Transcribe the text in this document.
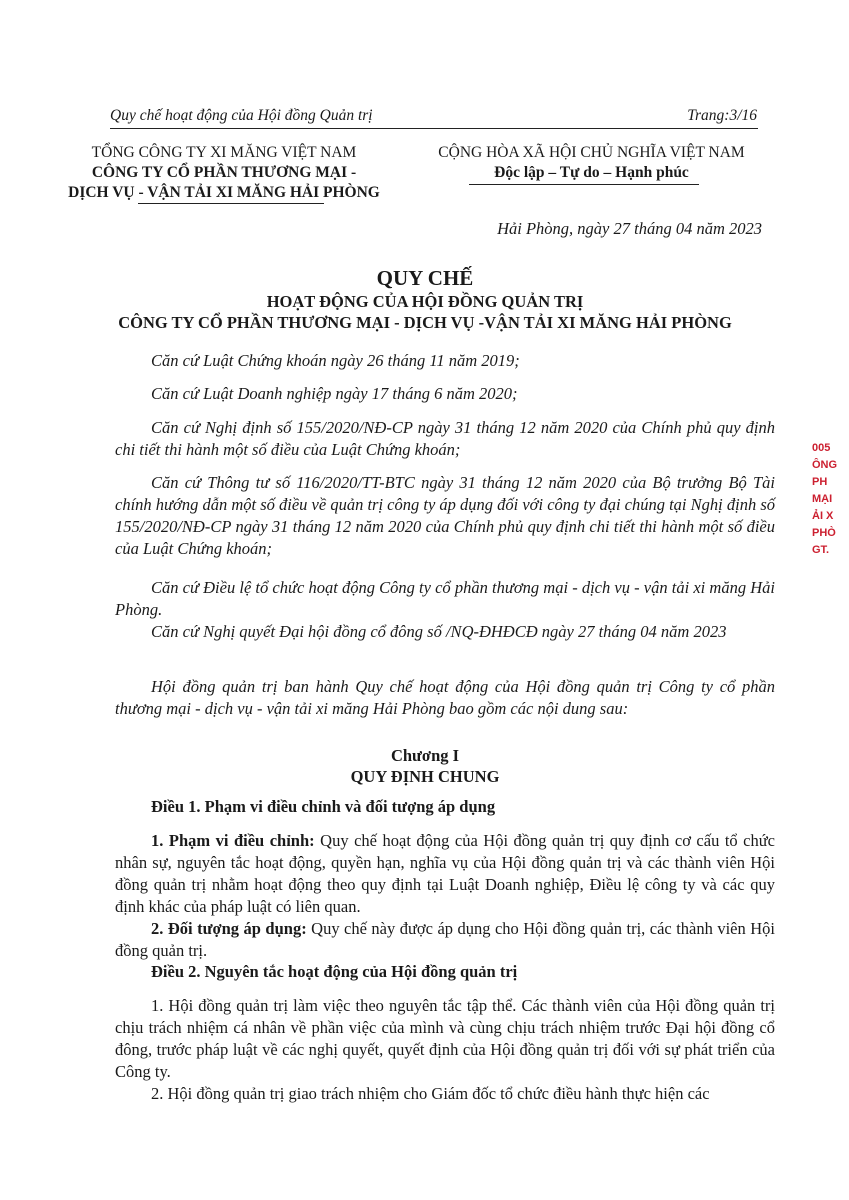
Quy chế hoạt động của Hội đồng Quản trị	Trang:3/16
TỔNG CÔNG TY XI MĂNG VIỆT NAM
CÔNG TY CỔ PHẦN THƯƠNG MẠI -
DỊCH VỤ - VẬN TẢI XI MĂNG HẢI PHÒNG
CỘNG HÒA XÃ HỘI CHỦ NGHĨA VIỆT NAM
Độc lập – Tự do – Hạnh phúc
Hải Phòng, ngày 27 tháng 04 năm 2023
QUY CHẾ
HOẠT ĐỘNG CỦA HỘI ĐỒNG QUẢN TRỊ
CÔNG TY CỔ PHẦN THƯƠNG MẠI - DỊCH VỤ -VẬN TẢI XI MĂNG HẢI PHÒNG
Căn cứ Luật Chứng khoán ngày 26 tháng 11 năm 2019;
Căn cứ Luật Doanh nghiệp ngày 17 tháng 6 năm 2020;
Căn cứ Nghị định số 155/2020/NĐ-CP ngày 31 tháng 12 năm 2020 của Chính phủ quy định chi tiết thi hành một số điều của Luật Chứng khoán;
Căn cứ Thông tư số 116/2020/TT-BTC ngày 31 tháng 12 năm 2020 của Bộ trưởng Bộ Tài chính hướng dẫn một số điều về quản trị công ty áp dụng đối với công ty đại chúng tại Nghị định số 155/2020/NĐ-CP ngày 31 tháng 12 năm 2020 của Chính phủ quy định chi tiết thi hành một số điều của Luật Chứng khoán;
Căn cứ Điều lệ tổ chức hoạt động Công ty cổ phần thương mại - dịch vụ - vận tải xi măng Hải Phòng.
Căn cứ Nghị quyết Đại hội đồng cổ đông số /NQ-ĐHĐCĐ ngày 27 tháng 04 năm 2023
Hội đồng quản trị ban hành Quy chế hoạt động của Hội đồng quản trị Công ty cổ phần thương mại - dịch vụ - vận tải xi măng Hải Phòng bao gồm các nội dung sau:
Chương I
QUY ĐỊNH CHUNG
Điều 1. Phạm vi điều chỉnh và đối tượng áp dụng
1. Phạm vi điều chỉnh: Quy chế hoạt động của Hội đồng quản trị quy định cơ cấu tổ chức nhân sự, nguyên tắc hoạt động, quyền hạn, nghĩa vụ của Hội đồng quản trị và các thành viên Hội đồng quản trị nhằm hoạt động theo quy định tại Luật Doanh nghiệp, Điều lệ công ty và các quy định khác của pháp luật có liên quan.
2. Đối tượng áp dụng: Quy chế này được áp dụng cho Hội đồng quản trị, các thành viên Hội đồng quản trị.
Điều 2. Nguyên tắc hoạt động của Hội đồng quản trị
1. Hội đồng quản trị làm việc theo nguyên tắc tập thể. Các thành viên của Hội đồng quản trị chịu trách nhiệm cá nhân về phần việc của mình và cùng chịu trách nhiệm trước Đại hội đồng cổ đông, trước pháp luật về các nghị quyết, quyết định của Hội đồng quản trị đối với sự phát triển của Công ty.
2. Hội đồng quản trị giao trách nhiệm cho Giám đốc tổ chức điều hành thực hiện các
005
ÔNG
PH
MẠI
ẢI X
PHÒ
GT.
